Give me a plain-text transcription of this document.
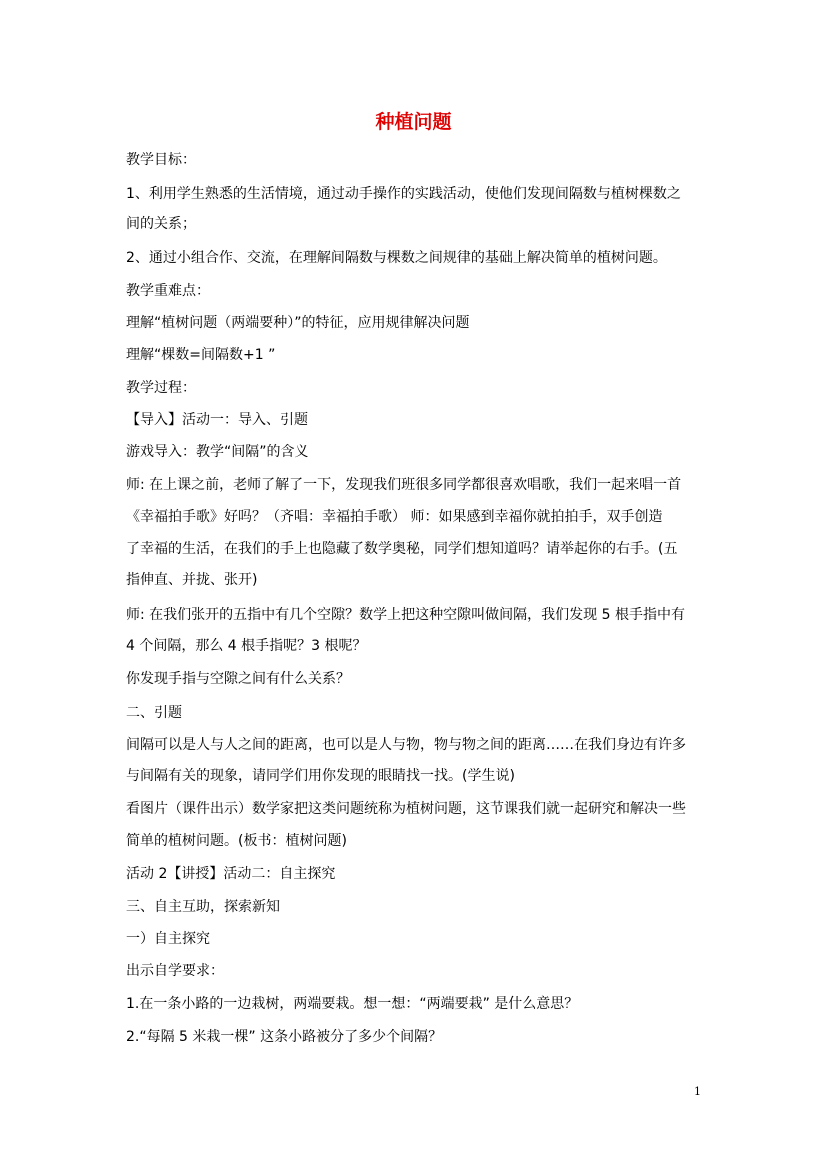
种植问题
教学目标：
1、利用学生熟悉的生活情境，通过动手操作的实践活动，使他们发现间隔数与植树棵数之
间的关系；
2、通过小组合作、交流，在理解间隔数与棵数之间规律的基础上解决简单的植树问题。
教学重难点：
理解“植树问题（两端要种）”的特征，应用规律解决问题
理解“棵数=间隔数+1 ”
教学过程：
【导入】活动一：导入、引题
游戏导入：教学“间隔”的含义
师: 在上课之前，老师了解了一下，发现我们班很多同学都很喜欢唱歌，我们一起来唱一首
《幸福拍手歌》好吗？（齐唱：幸福拍手歌） 师：如果感到幸福你就拍拍手，双手创造
了幸福的生活，在我们的手上也隐藏了数学奥秘，同学们想知道吗？请举起你的右手。(五
指伸直、并拢、张开)
师: 在我们张开的五指中有几个空隙？数学上把这种空隙叫做间隔，我们发现 5 根手指中有
4 个间隔，那么 4 根手指呢？3 根呢？
你发现手指与空隙之间有什么关系？
二、引题
间隔可以是人与人之间的距离，也可以是人与物，物与物之间的距离……在我们身边有许多
与间隔有关的现象，请同学们用你发现的眼睛找一找。(学生说)
看图片（课件出示）数学家把这类问题统称为植树问题，这节课我们就一起研究和解决一些
简单的植树问题。(板书：植树问题)
活动 2【讲授】活动二：自主探究
三、自主互助，探索新知
一）自主探究
出示自学要求：
1.在一条小路的一边栽树，两端要栽。想一想：“两端要栽” 是什么意思？
2.“每隔 5 米栽一棵” 这条小路被分了多少个间隔？
1
